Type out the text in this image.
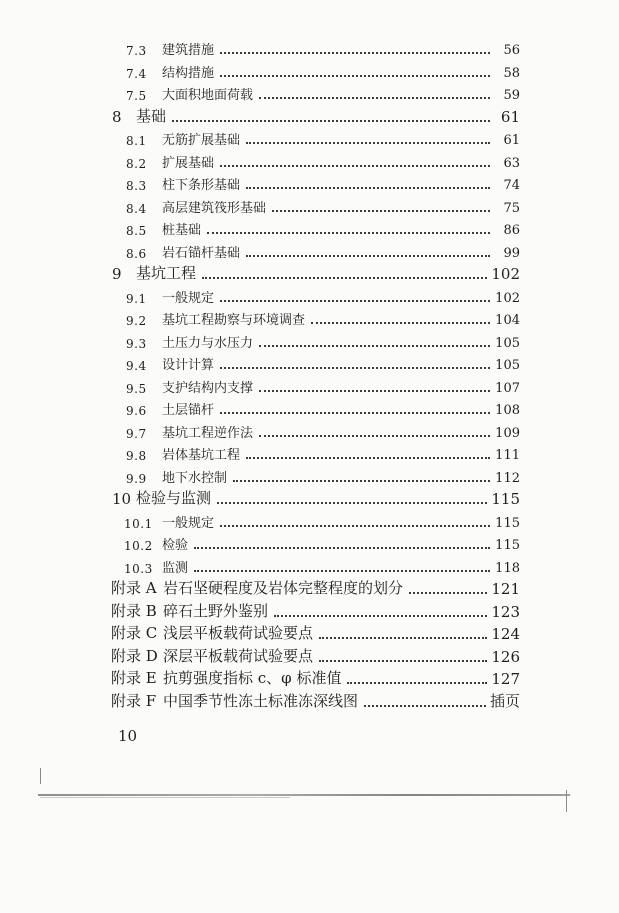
7.3	建筑措施	56
7.4	结构措施	58
7.5	大面积地面荷载	59
8 基础	61
8.1	无筋扩展基础	61
8.2	扩展基础	63
8.3	柱下条形基础	74
8.4	高层建筑筏形基础	75
8.5	桩基础	86
8.6	岩石锚杆基础	99
9 基坑工程	102
9.1	一般规定	102
9.2	基坑工程勘察与环境调查	104
9.3	土压力与水压力	105
9.4	设计计算	105
9.5	支护结构内支撑	107
9.6	土层锚杆	108
9.7	基坑工程逆作法	109
9.8	岩体基坑工程	111
9.9	地下水控制	112
10 检验与监测	115
10.1 一般规定	115
10.2 检验	115
10.3 监测	118
附录 A 岩石坚硬程度及岩体完整程度的划分	121
附录 B 碎石土野外鉴别	123
附录 C 浅层平板载荷试验要点	124
附录 D 深层平板载荷试验要点	126
附录 E 抗剪强度指标 c、φ 标准值	127
附录 F 中国季节性冻土标准冻深线图	插页
10
